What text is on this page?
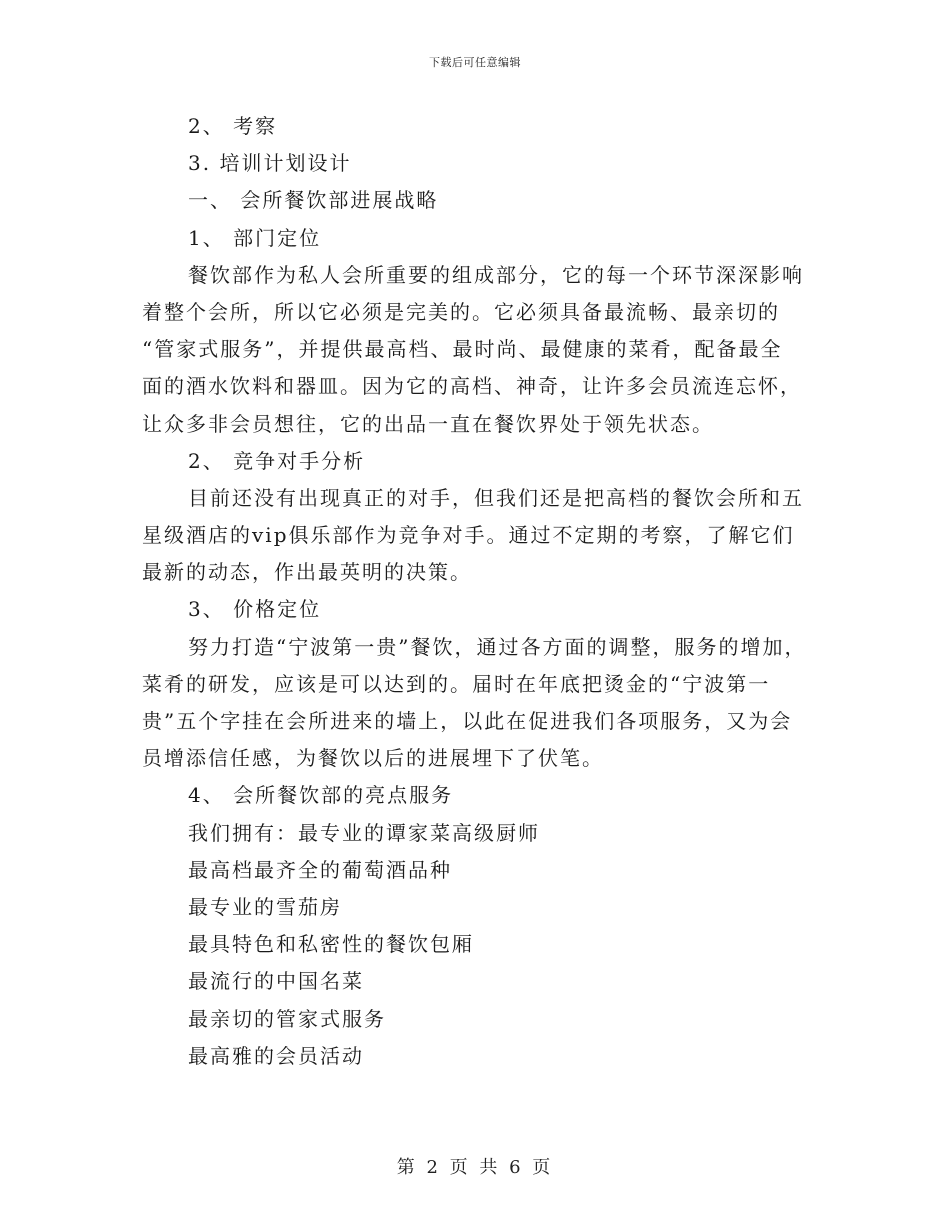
下载后可任意编辑
2、 考察
3. 培训计划设计
一、 会所餐饮部进展战略
1、 部门定位
餐饮部作为私人会所重要的组成部分，它的每一个环节深深影响
着整个会所，所以它必须是完美的。它必须具备最流畅、最亲切的
“管家式服务”，并提供最高档、最时尚、最健康的菜肴，配备最全
面的酒水饮料和器皿。因为它的高档、神奇，让许多会员流连忘怀，
让众多非会员想往，它的出品一直在餐饮界处于领先状态。
2、 竞争对手分析
目前还没有出现真正的对手，但我们还是把高档的餐饮会所和五
星级酒店的vip俱乐部作为竞争对手。通过不定期的考察，了解它们
最新的动态，作出最英明的决策。
3、 价格定位
努力打造“宁波第一贵”餐饮，通过各方面的调整，服务的增加，
菜肴的研发，应该是可以达到的。届时在年底把烫金的“宁波第一
贵”五个字挂在会所进来的墙上，以此在促进我们各项服务，又为会
员增添信任感，为餐饮以后的进展埋下了伏笔。
4、 会所餐饮部的亮点服务
我们拥有：最专业的谭家菜高级厨师
最高档最齐全的葡萄酒品种
最专业的雪茄房
最具特色和私密性的餐饮包厢
最流行的中国名菜
最亲切的管家式服务
最高雅的会员活动
第 2 页 共 6 页
